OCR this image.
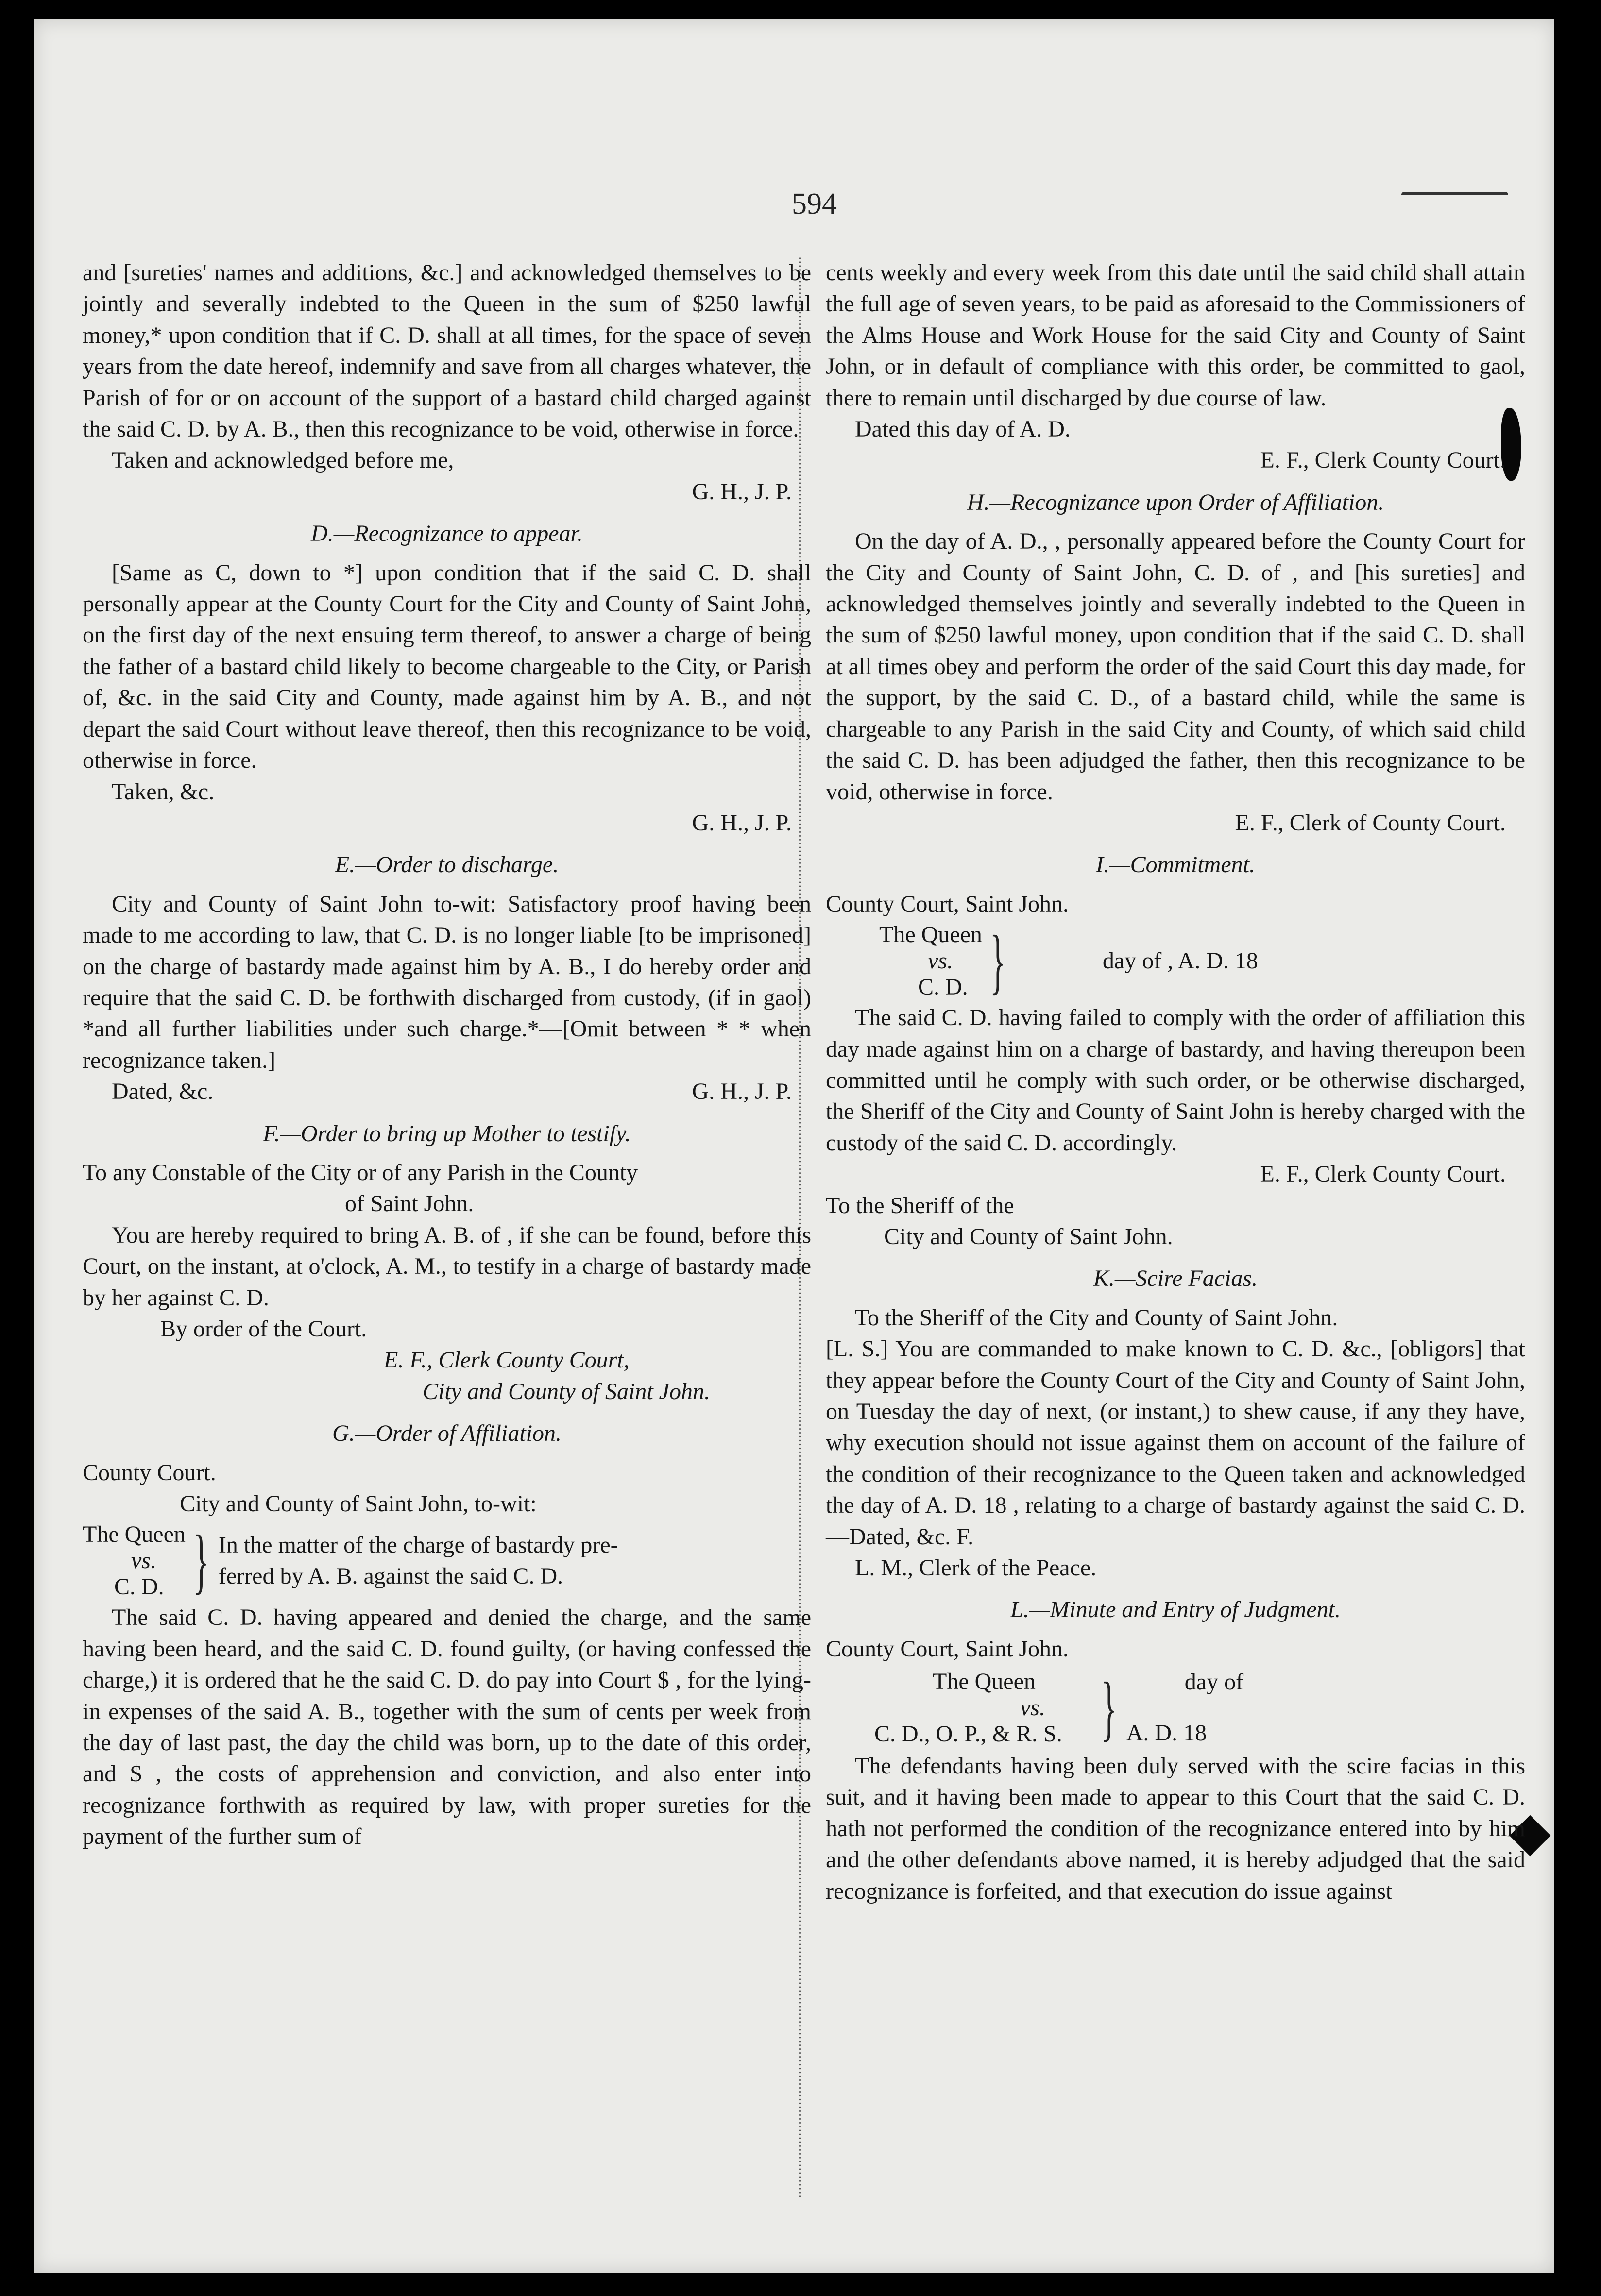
594

and [sureties' names and additions, &c.] and acknowledged themselves to be jointly and severally indebted to the Queen in the sum of $250 lawful money,* upon condition that if C. D. shall at all times, for the space of seven years from the date hereof, indemnify and save from all charges whatever, the Parish of for or on account of the support of a bastard child charged against the said C. D. by A. B., then this recognizance to be void, otherwise in force.

Taken and acknowledged before me,

G. H., J. P.
D.—Recognizance to appear.

[Same as C, down to *] upon condition that if the said C. D. shall personally appear at the County Court for the City and County of Saint John, on the first day of the next ensuing term thereof, to answer a charge of being the father of a bastard child likely to become chargeable to the City, or Parish of, &c. in the said City and County, made against him by A. B., and not depart the said Court without leave thereof, then this recognizance to be void, otherwise in force.

Taken, &c.

G. H., J. P.
E.—Order to discharge.

City and County of Saint John to-wit: Satisfactory proof having been made to me according to law, that C. D. is no longer liable [to be imprisoned] on the charge of bastardy made against him by A. B., I do hereby order and require that the said C. D. be forthwith discharged from custody, (if in gaol) *and all further liabilities under such charge.*—[Omit between * * when recognizance taken.]

Dated, &c.	G. H., J. P.
F.—Order to bring up Mother to testify.

To any Constable of the City or of any Parish in the County

of Saint John.

You are hereby required to bring A. B. of , if she can be found, before this Court, on the instant, at o'clock, A. M., to testify in a charge of bastardy made by her against C. D.

By order of the Court.

E. F., Clerk County Court,
City and County of Saint John.
G.—Order of Affiliation.

County Court.

City and County of Saint John, to-wit:

The Queen
vs.
C. D. } In the matter of the charge of bastardy pre-
ferred by A. B. against the said C. D.

The said C. D. having appeared and denied the charge, and the same having been heard, and the said C. D. found guilty, (or having confessed the charge,) it is ordered that he the said C. D. do pay into Court $ , for the lying-in expenses of the said A. B., together with the sum of cents per week from the day of last past, the day the child was born, up to the date of this order, and $ , the costs of apprehension and conviction, and also enter into recognizance forthwith as required by law, with proper sureties for the payment of the further sum of

cents weekly and every week from this date until the said child shall attain the full age of seven years, to be paid as aforesaid to the Commissioners of the Alms House and Work House for the said City and County of Saint John, or in default of compliance with this order, be committed to gaol, there to remain until discharged by due course of law.

Dated this day of A. D.

E. F., Clerk County Court.
H.—Recognizance upon Order of Affiliation.

On the day of A. D., , personally appeared before the County Court for the City and County of Saint John, C. D. of , and [his sureties] and acknowledged themselves jointly and severally indebted to the Queen in the sum of $250 lawful money, upon condition that if the said C. D. shall at all times obey and perform the order of the said Court this day made, for the support, by the said C. D., of a bastard child, while the same is chargeable to any Parish in the said City and County, of which said child the said C. D. has been adjudged the father, then this recognizance to be void, otherwise in force.

E. F., Clerk of County Court.
I.—Commitment.

County Court, Saint John.

The Queen
vs.
C. D. }	day of , A. D. 18

The said C. D. having failed to comply with the order of affiliation this day made against him on a charge of bastardy, and having thereupon been committed until he comply with such order, or be otherwise discharged, the Sheriff of the City and County of Saint John is hereby charged with the custody of the said C. D. accordingly.

E. F., Clerk County Court.

To the Sheriff of the

City and County of Saint John.

K.—Scire Facias.

To the Sheriff of the City and County of Saint John.

[L. S.] You are commanded to make known to C. D. &c., [obligors] that they appear before the County Court of the City and County of Saint John, on Tuesday the day of next, (or instant,) to shew cause, if any they have, why execution should not issue against them on account of the failure of the condition of their recognizance to the Queen taken and acknowledged the day of A. D. 18 , relating to a charge of bastardy against the said C. D.—Dated, &c. F.

L. M., Clerk of the Peace.

L.—Minute and Entry of Judgment.

County Court, Saint John.

The Queen
vs.
C. D., O. P., & R. S. }	day of
A. D. 18

The defendants having been duly served with the scire facias in this suit, and it having been made to appear to this Court that the said C. D. hath not performed the condition of the recognizance entered into by him and the other defendants above named, it is hereby adjudged that the said recognizance is forfeited, and that execution do issue against
